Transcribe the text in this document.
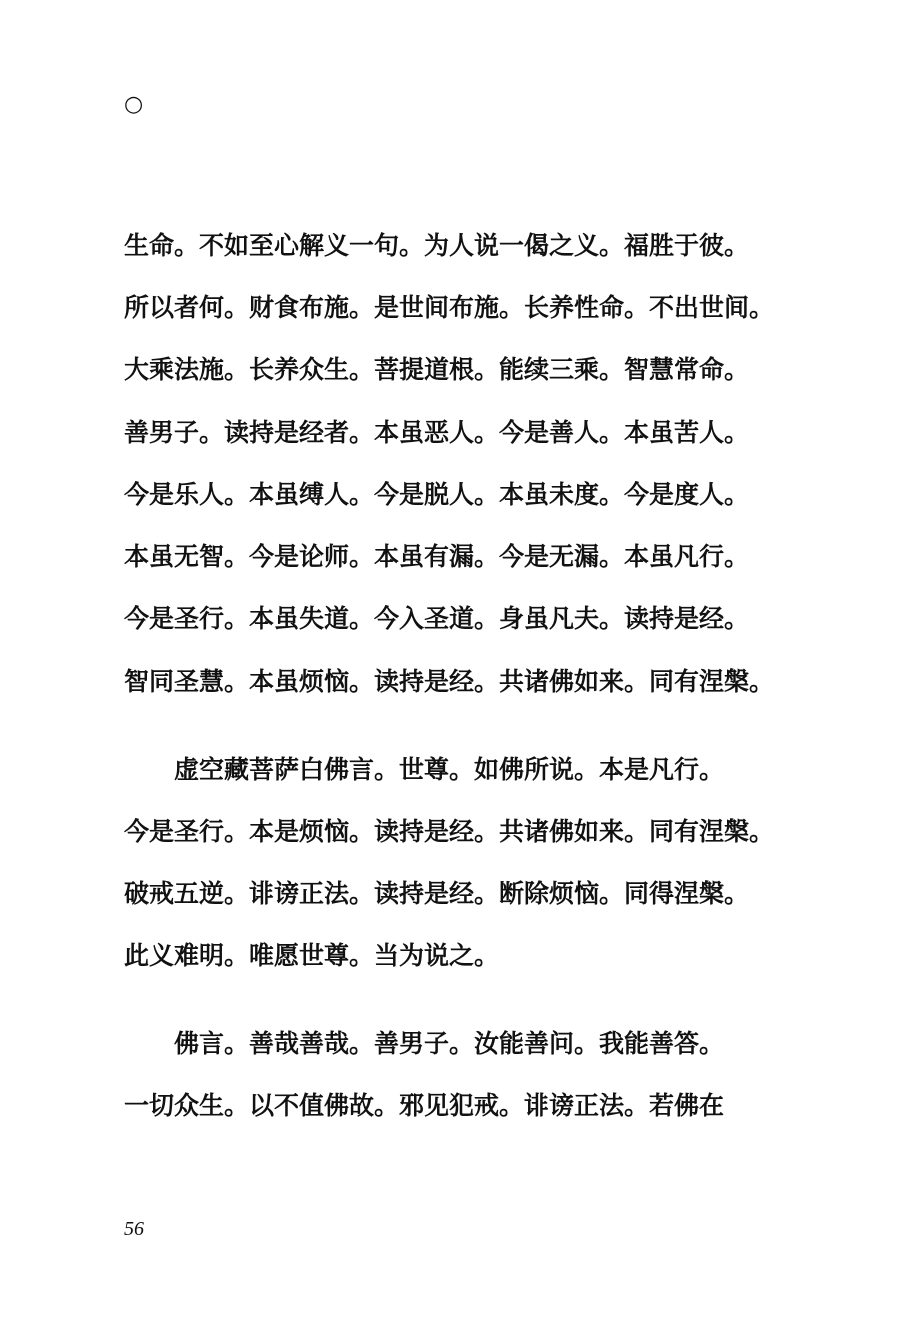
○
生命。不如至心解义一句。为人说一偈之义。福胜于彼。
所以者何。财食布施。是世间布施。长养性命。不出世间。
大乘法施。长养众生。菩提道根。能续三乘。智慧常命。
善男子。读持是经者。本虽恶人。今是善人。本虽苦人。
今是乐人。本虽缚人。今是脱人。本虽未度。今是度人。
本虽无智。今是论师。本虽有漏。今是无漏。本虽凡行。
今是圣行。本虽失道。今入圣道。身虽凡夫。读持是经。
智同圣慧。本虽烦恼。读持是经。共诸佛如来。同有涅槃。
虚空藏菩萨白佛言。世尊。如佛所说。本是凡行。
今是圣行。本是烦恼。读持是经。共诸佛如来。同有涅槃。
破戒五逆。诽谤正法。读持是经。断除烦恼。同得涅槃。
此义难明。唯愿世尊。当为说之。
佛言。善哉善哉。善男子。汝能善问。我能善答。
一切众生。以不值佛故。邪见犯戒。诽谤正法。若佛在
56
